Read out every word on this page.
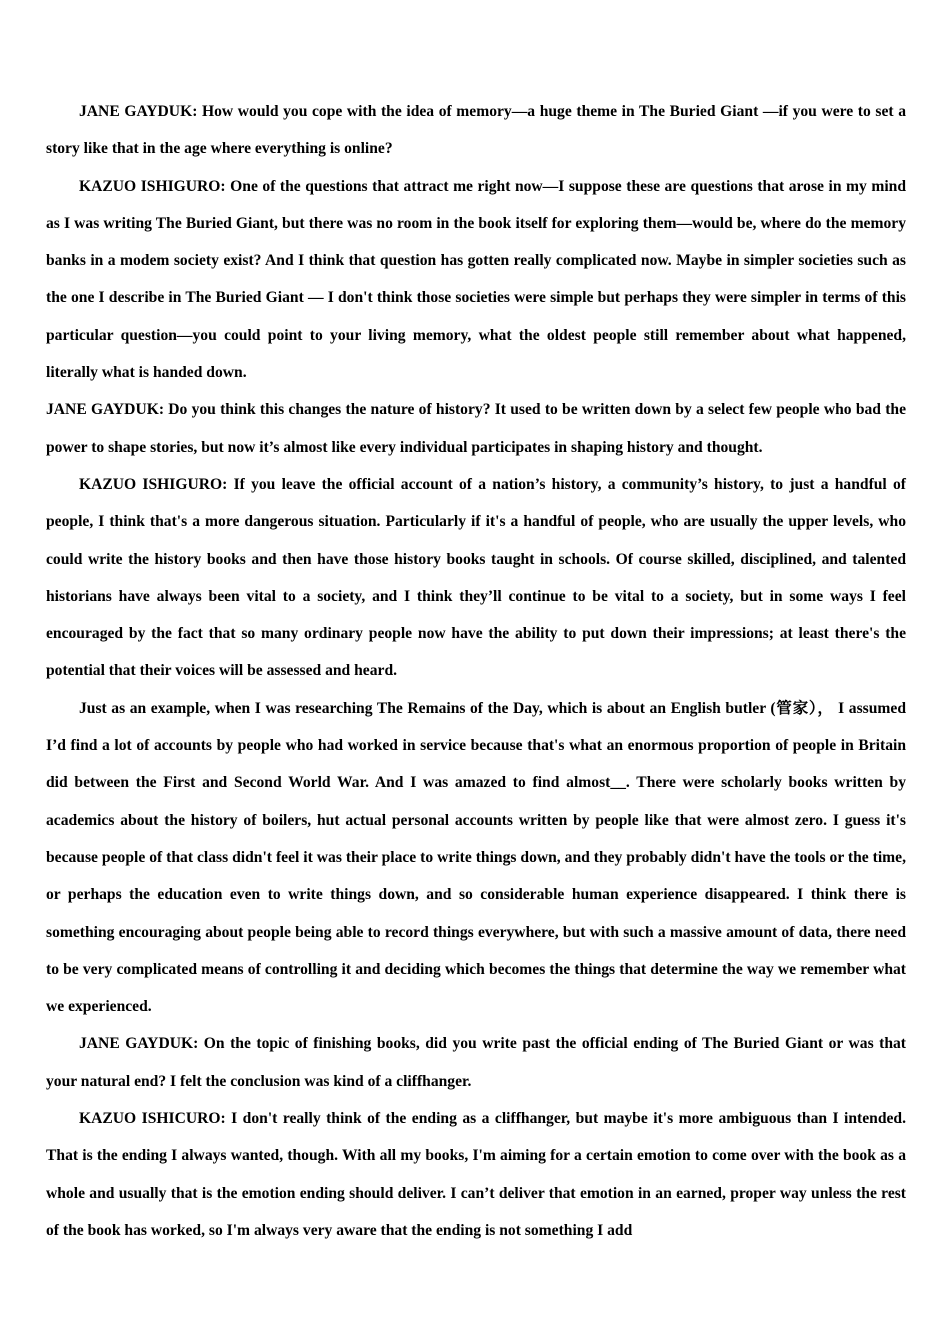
JANE GAYDUK: How would you cope with the idea of memory—a huge theme in The Buried Giant —if you were to set a story like that in the age where everything is online?

KAZUO ISHIGURO: One of the questions that attract me right now—I suppose these are questions that arose in my mind as I was writing The Buried Giant, but there was no room in the book itself for exploring them—would be, where do the memory banks in a modem society exist? And I think that question has gotten really complicated now. Maybe in simpler societies such as the one I describe in The Buried Giant — I don't think those societies were simple but perhaps they were simpler in terms of this particular question—you could point to your living memory, what the oldest people still remember about what happened, literally what is handed down.

JANE GAYDUK: Do you think this changes the nature of history? It used to be written down by a select few people who bad the power to shape stories, but now it’s almost like every individual participates in shaping history and thought.

KAZUO ISHIGURO: If you leave the official account of a nation’s history, a community’s history, to just a handful of people, I think that's a more dangerous situation. Particularly if it's a handful of people, who are usually the upper levels, who could write the history books and then have those history books taught in schools. Of course skilled, disciplined, and talented historians have always been vital to a society, and I think they’ll continue to be vital to a society, but in some ways I feel encouraged by the fact that so many ordinary people now have the ability to put down their impressions; at least there's the potential that their voices will be assessed and heard.

Just as an example, when I was researching The Remains of the Day, which is about an English butler (管家）， I assumed I’d find a lot of accounts by people who had worked in service because that's what an enormous proportion of people in Britain did between the First and Second World War. And I was amazed to find almost__. There were scholarly books written by academics about the history of boilers, hut actual personal accounts written by people like that were almost zero. I guess it's because people of that class didn't feel it was their place to write things down, and they probably didn't have the tools or the time, or perhaps the education even to write things down, and so considerable human experience disappeared. I think there is something encouraging about people being able to record things everywhere, but with such a massive amount of data, there need to be very complicated means of controlling it and deciding which becomes the things that determine the way we remember what we experienced.

JANE GAYDUK: On the topic of finishing books, did you write past the official ending of The Buried Giant or was that your natural end? I felt the conclusion was kind of a cliffhanger.

KAZUO ISHICURO: I don't really think of the ending as a cliffhanger, but maybe it's more ambiguous than I intended. That is the ending I always wanted, though. With all my books, I'm aiming for a certain emotion to come over with the book as a whole and usually that is the emotion ending should deliver. I can’t deliver that emotion in an earned, proper way unless the rest of the book has worked, so I'm always very aware that the ending is not something I add
